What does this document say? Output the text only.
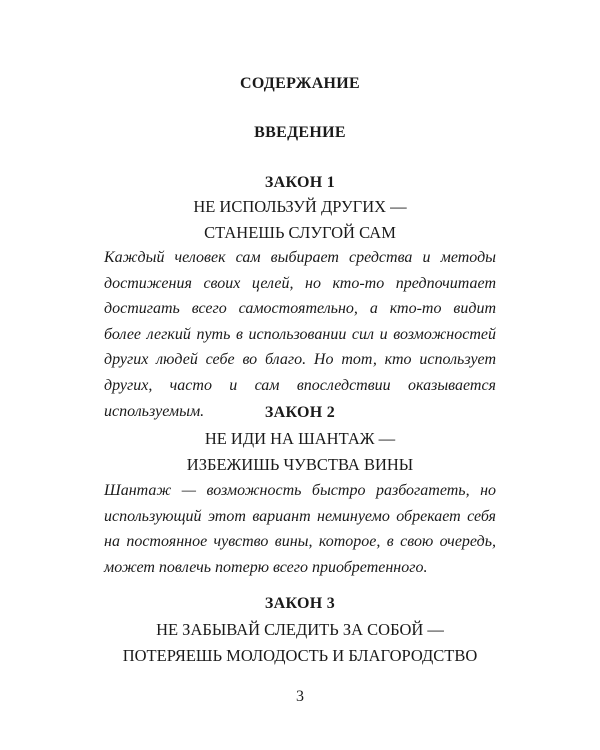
СОДЕРЖАНИЕ
ВВЕДЕНИЕ
ЗАКОН 1
НЕ ИСПОЛЬЗУЙ ДРУГИХ —
СТАНЕШЬ СЛУГОЙ САМ
Каждый человек сам выбирает средства и методы достижения своих целей, но кто-то предпочитает достигать всего самостоятельно, а кто-то видит более легкий путь в использовании сил и возможностей других людей себе во благо. Но тот, кто использует других, часто и сам впоследствии оказывается используемым.	ЗАКОН 2
НЕ ИДИ НА ШАНТАЖ —
ИЗБЕЖИШЬ ЧУВСТВА ВИНЫ
Шантаж — возможность быстро разбогатеть, но использующий этот вариант неминуемо обрекает себя на постоянное чувство вины, которое, в свою очередь, может повлечь потерю всего приобретенного.
ЗАКОН 3
НЕ ЗАБЫВАЙ СЛЕДИТЬ ЗА СОБОЙ —
ПОТЕРЯЕШЬ МОЛОДОСТЬ И БЛАГОРОДСТВО
3
